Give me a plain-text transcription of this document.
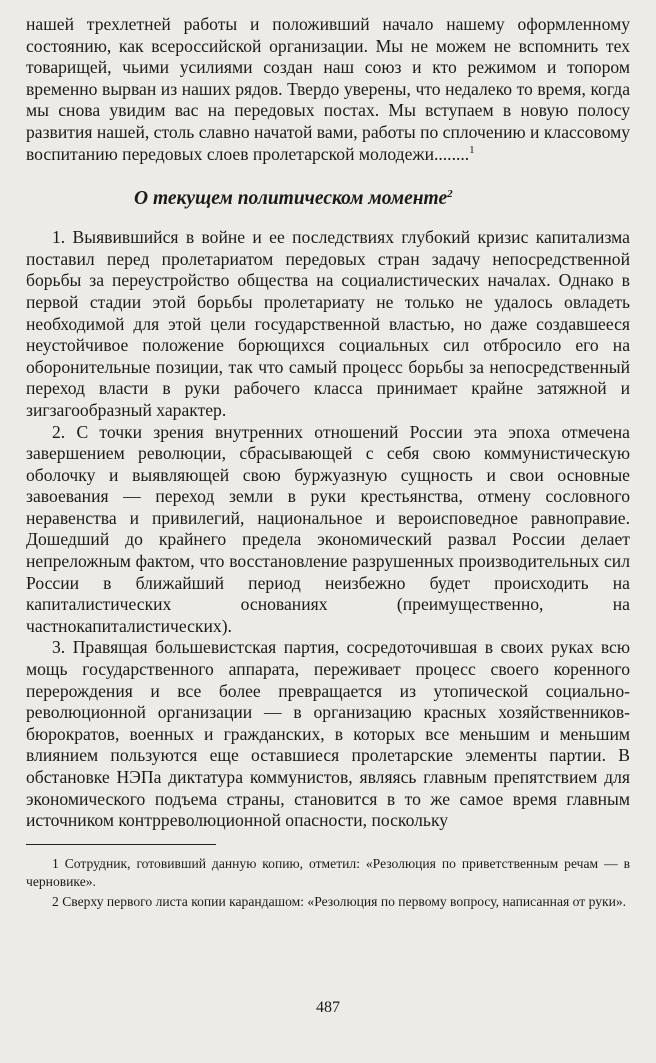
нашей трехлетней работы и положивший начало нашему оформленному состоянию, как всероссийской организации. Мы не можем не вспомнить тех товарищей, чьими усилиями создан наш союз и кто режимом и топором временно вырван из наших рядов. Твердо уверены, что недалеко то время, когда мы снова увидим вас на передовых постах. Мы вступаем в новую полосу развития нашей, столь славно начатой вами, работы по сплочению и классовому воспитанию передовых слоев пролетарской молодежи........$^1$

О текущем политическом моменте$^2$

1. Выявившийся в войне и ее последствиях глубокий кризис капитализма поставил перед пролетариатом передовых стран задачу непосредственной борьбы за переустройство общества на социалистических началах. Однако в первой стадии этой борьбы пролетариату не только не удалось овладеть необходимой для этой цели государственной властью, но даже создавшееся неустойчивое положение борющихся социальных сил отбросило его на оборонительные позиции, так что самый процесс борьбы за непосредственный переход власти в руки рабочего класса принимает крайне затяжной и зигзагообразный характер.

2. С точки зрения внутренних отношений России эта эпоха отмечена завершением революции, сбрасывающей с себя свою коммунистическую оболочку и выявляющей свою буржуазную сущность и свои основные завоевания — переход земли в руки крестьянства, отмену сословного неравенства и привилегий, национальное и вероисповедное равноправие. Дошедший до крайнего предела экономический развал России делает непреложным фактом, что восстановление разрушенных производительных сил России в ближайший период неизбежно будет происходить на капиталистических основаниях (преимущественно, на частнокапиталистических).

3. Правящая большевистская партия, сосредоточившая в своих руках всю мощь государственного аппарата, переживает процесс своего коренного перерождения и все более превращается из утопической социально-революционной организации — в организацию красных хозяйственников-бюрократов, военных и гражданских, в которых все меньшим и меньшим влиянием пользуются еще оставшиеся пролетарские элементы партии. В обстановке НЭПа диктатура коммунистов, являясь главным препятствием для экономического подъема страны, становится в то же самое время главным источником контрреволюционной опасности, поскольку

1 Сотрудник, готовивший данную копию, отметил: «Резолюция по приветственным речам — в черновике».

2 Сверху первого листа копии карандашом: «Резолюция по первому вопросу, написанная от руки».

487
